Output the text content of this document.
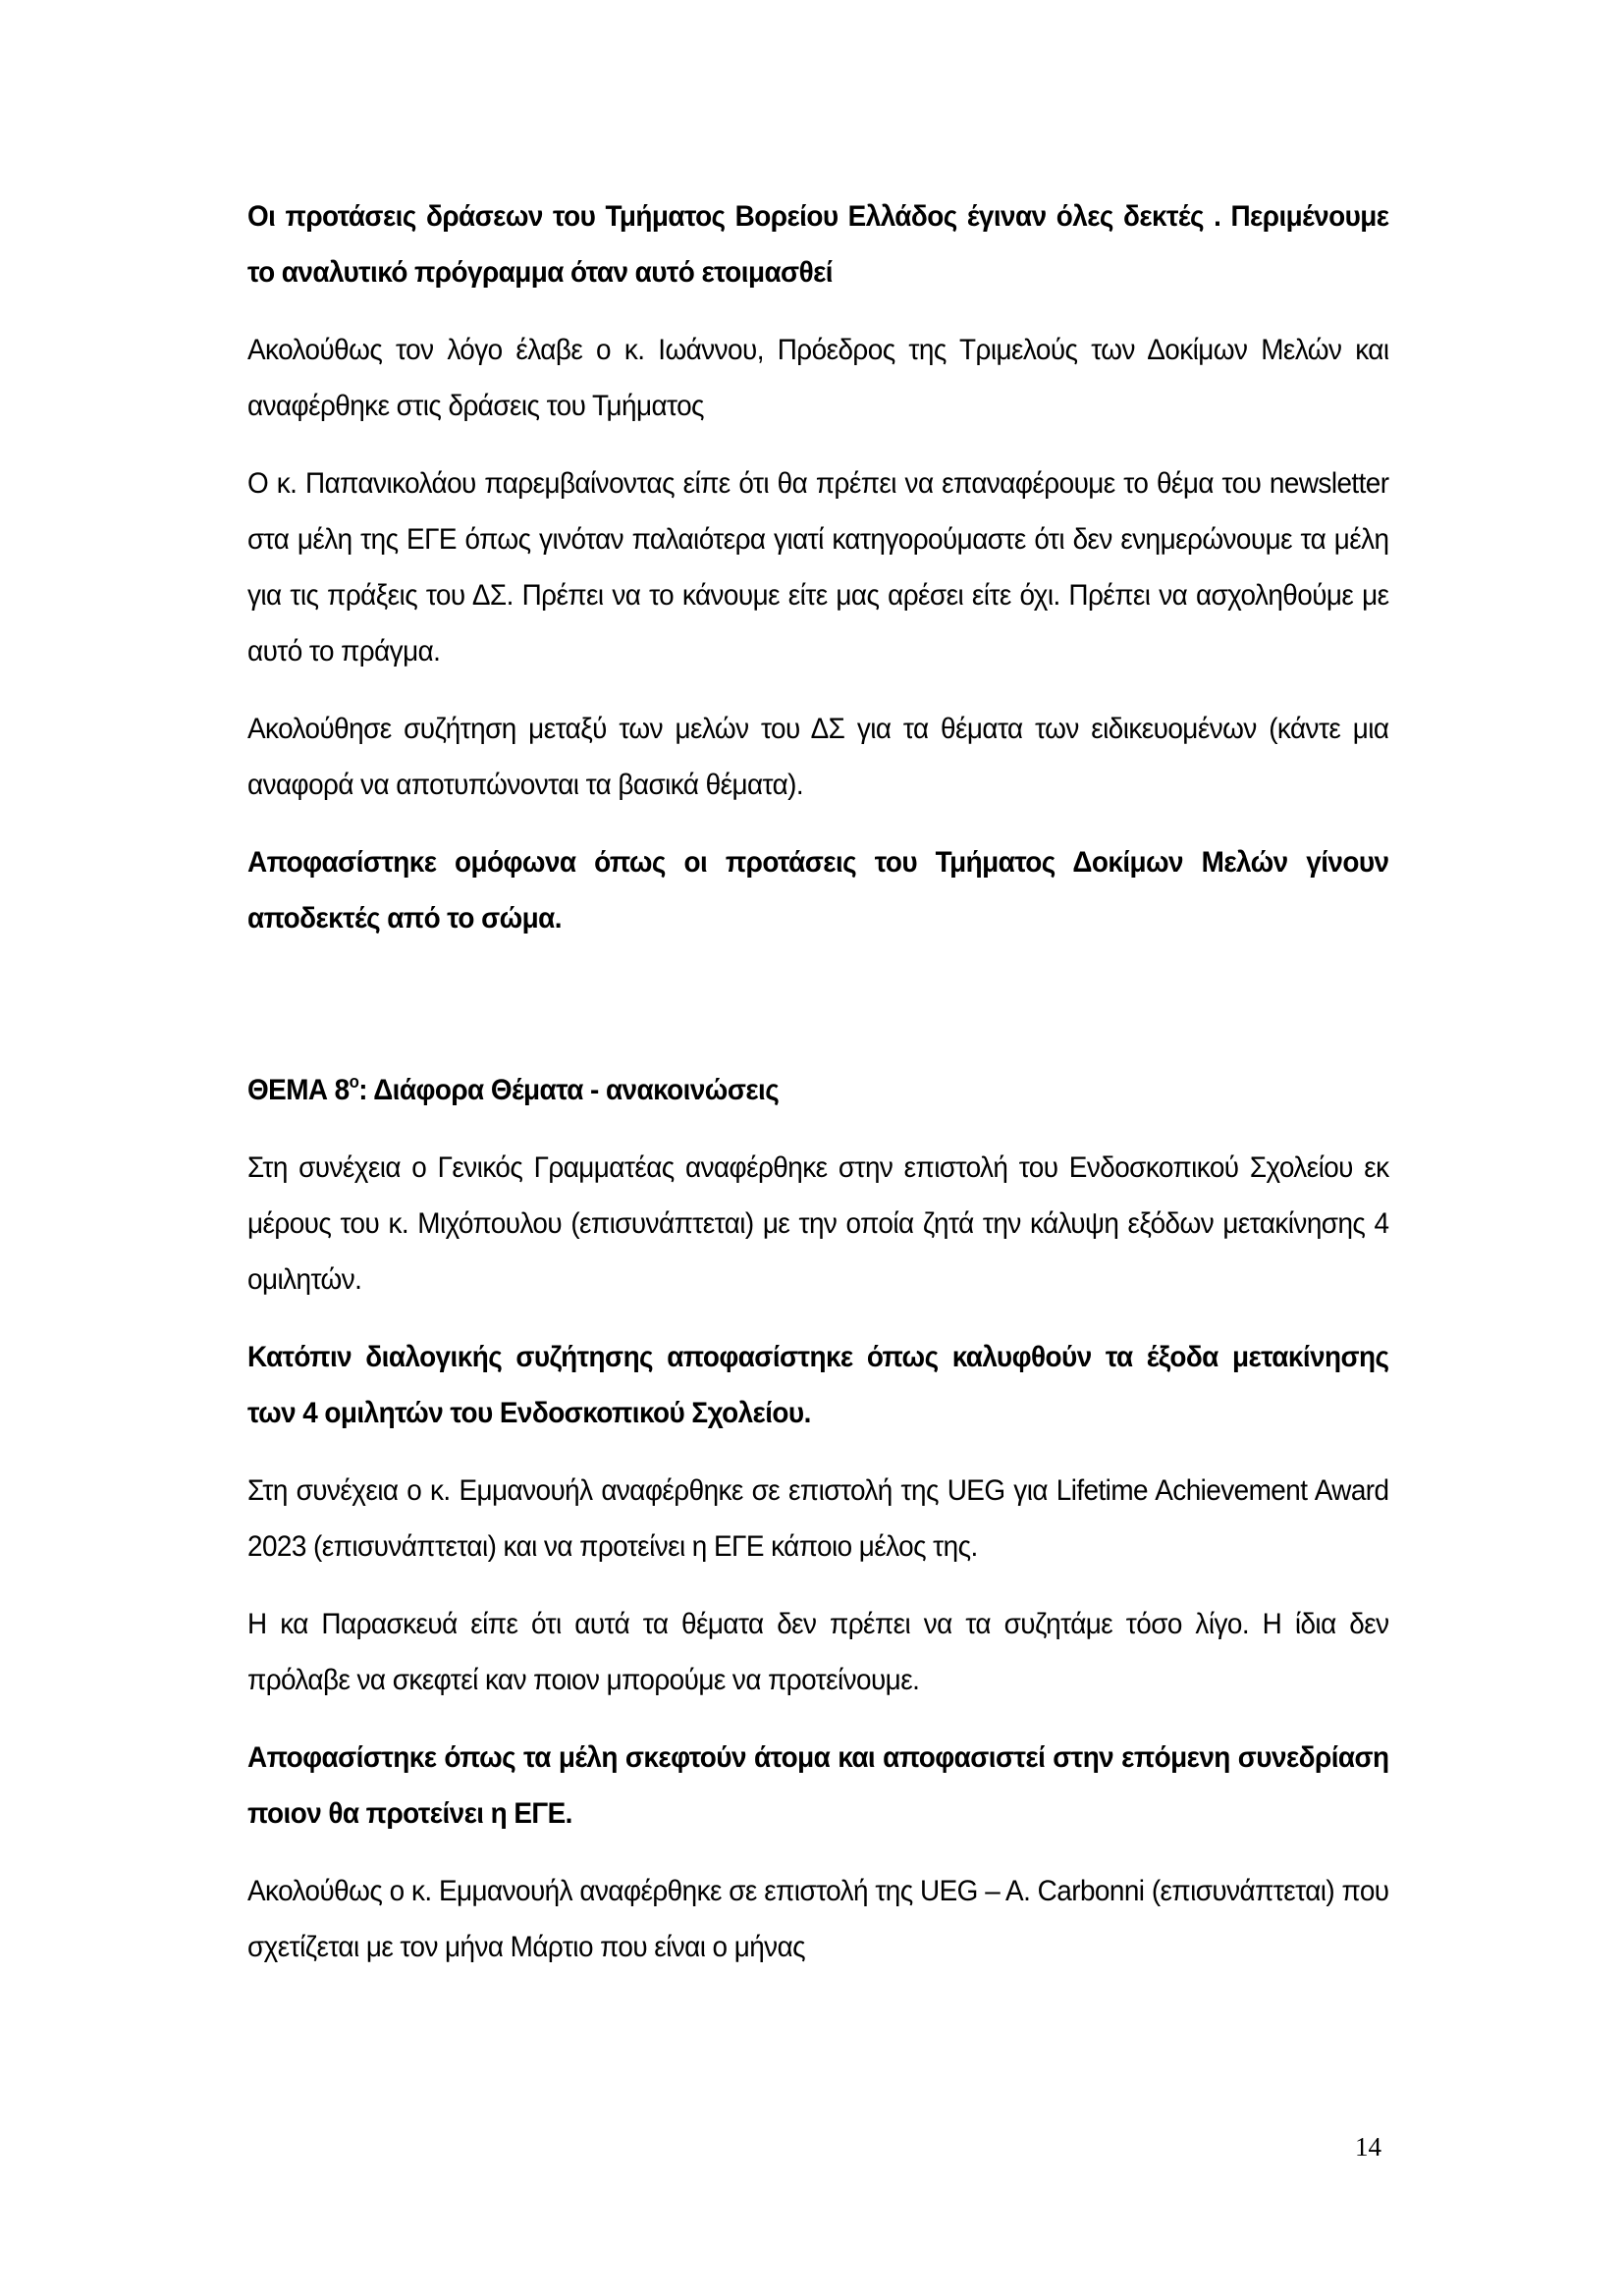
Οι προτάσεις δράσεων του Τμήματος Βορείου Ελλάδος έγιναν όλες δεκτές . Περιμένουμε το αναλυτικό πρόγραμμα όταν αυτό ετοιμασθεί

Ακολούθως τον λόγο έλαβε ο κ. Ιωάννου, Πρόεδρος της Τριμελούς των Δοκίμων Μελών και αναφέρθηκε στις δράσεις του Τμήματος

Ο κ. Παπανικολάου παρεμβαίνοντας είπε ότι θα πρέπει να επαναφέρουμε το θέμα του newsletter στα μέλη της ΕΓΕ όπως γινόταν παλαιότερα γιατί κατηγορούμαστε ότι δεν ενημερώνουμε τα μέλη για τις πράξεις του ΔΣ. Πρέπει να το κάνουμε είτε μας αρέσει είτε όχι. Πρέπει να ασχοληθούμε με αυτό το πράγμα.

Ακολούθησε συζήτηση μεταξύ των μελών του ΔΣ για τα θέματα των ειδικευομένων (κάντε μια αναφορά να αποτυπώνονται τα βασικά θέματα).

Αποφασίστηκε ομόφωνα όπως οι προτάσεις του Τμήματος Δοκίμων Μελών γίνουν αποδεκτές από το σώμα.

ΘΕΜΑ $8^o$: Διάφορα Θέματα - ανακοινώσεις

Στη συνέχεια ο Γενικός Γραμματέας αναφέρθηκε στην επιστολή του Ενδοσκοπικού Σχολείου εκ μέρους του κ. Μιχόπουλου (επισυνάπτεται) με την οποία ζητά την κάλυψη εξόδων μετακίνησης 4 ομιλητών.

Κατόπιν διαλογικής συζήτησης αποφασίστηκε όπως καλυφθούν τα έξοδα μετακίνησης των 4 ομιλητών του Ενδοσκοπικού Σχολείου.

Στη συνέχεια ο κ. Εμμανουήλ αναφέρθηκε σε επιστολή της UEG για Lifetime Achievement Award 2023 (επισυνάπτεται) και να προτείνει η ΕΓΕ κάποιο μέλος της.

Η κα Παρασκευά είπε ότι αυτά τα θέματα δεν πρέπει να τα συζητάμε τόσο λίγο. Η ίδια δεν πρόλαβε να σκεφτεί καν ποιον μπορούμε να προτείνουμε.

Αποφασίστηκε όπως τα μέλη σκεφτούν άτομα και αποφασιστεί στην επόμενη συνεδρίαση ποιον θα προτείνει η ΕΓΕ.

Ακολούθως ο κ. Εμμανουήλ αναφέρθηκε σε επιστολή της UEG – A. Carbonni (επισυνάπτεται) που σχετίζεται με τον μήνα Μάρτιο που είναι ο μήνας

14
